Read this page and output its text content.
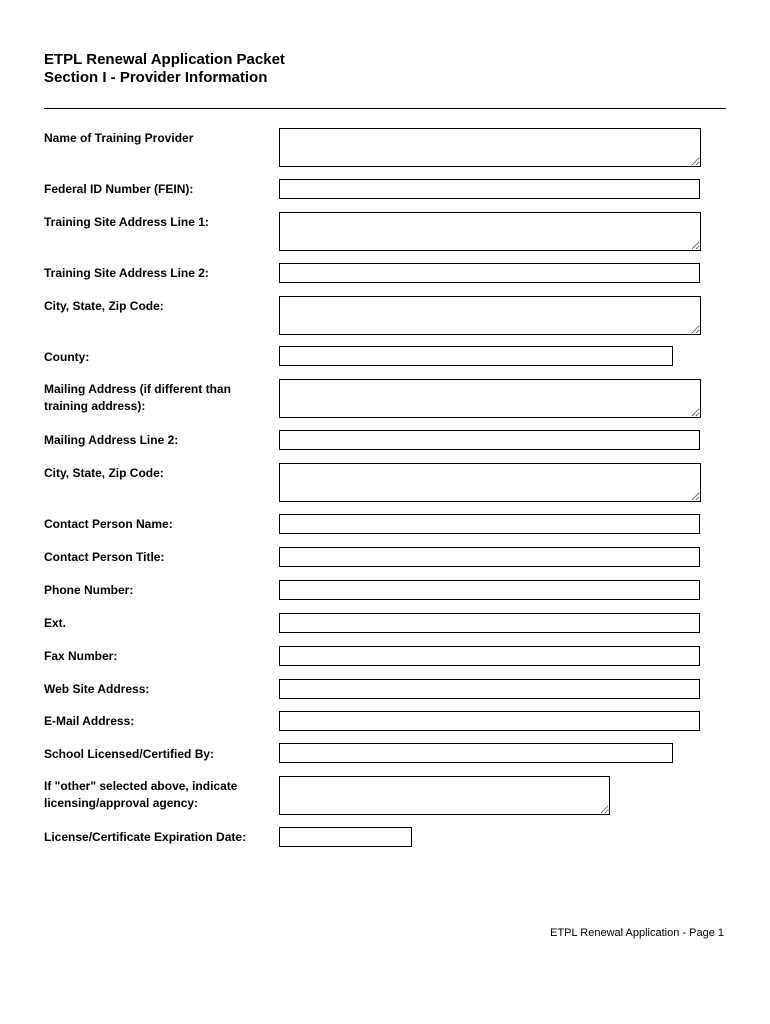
ETPL Renewal Application Packet
Section I - Provider Information
Name of Training Provider
Federal ID Number (FEIN):
Training Site Address Line 1:
Training Site Address Line 2:
City, State, Zip Code:
County:
Mailing Address (if different than training address):
Mailing Address Line 2:
City, State, Zip Code:
Contact Person Name:
Contact Person Title:
Phone Number:
Ext.
Fax Number:
Web Site Address:
E-Mail Address:
School Licensed/Certified By:
If "other" selected above, indicate licensing/approval agency:
License/Certificate Expiration Date:
ETPL Renewal Application - Page 1
